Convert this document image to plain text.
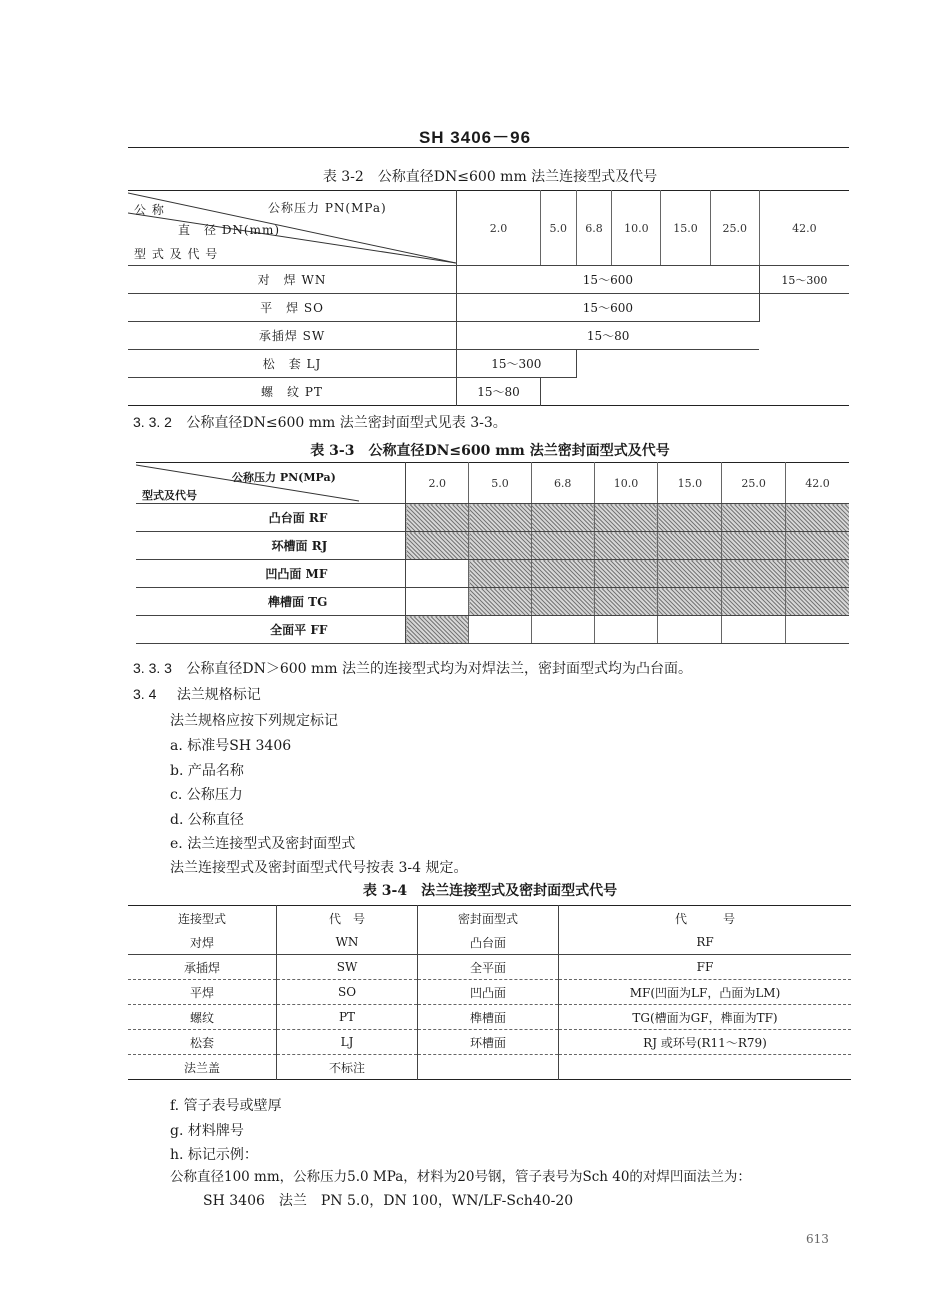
SH 3406－96
表 3-2　公称直径DN≤600 mm 法兰连接型式及代号
公称压力 PN(MPa)
公 称
直　径 DN(mm)
型 式 及 代 号	2.0	5.0	6.8	10.0	15.0	25.0	42.0
对　焊 WN	15～600						15～300
平　焊 SO	15～600						
承插焊 SW	15～80						
松　套 LJ	15～300						
螺　纹 PT	15～80						
3. 3. 2 公称直径DN≤600 mm 法兰密封面型式见表 3-3。
表 3-3　公称直径DN≤600 mm 法兰密封面型式及代号
公称压力 PN(MPa)
型式及代号	2.0	5.0	6.8	10.0	15.0	25.0	42.0
凸台面 RF							
环槽面 RJ							
凹凸面 MF							
榫槽面 TG							
全面平 FF							
3. 3. 3 公称直径DN＞600 mm 法兰的连接型式均为对焊法兰，密封面型式均为凸台面。
3. 4 法兰规格标记
法兰规格应按下列规定标记
a. 标准号SH 3406
b. 产品名称
c. 公称压力
d. 公称直径
e. 法兰连接型式及密封面型式
法兰连接型式及密封面型式代号按表 3-4 规定。
表 3-4　法兰连接型式及密封面型式代号
连接型式	代　号	密封面型式	代　　　号
对焊	WN	凸台面	RF
承插焊	SW	全平面	FF
平焊	SO	凹凸面	MF(凹面为LF，凸面为LM)
螺纹	PT	榫槽面	TG(槽面为GF，榫面为TF)
松套	LJ	环槽面	RJ 或环号(R11～R79)
法兰盖	不标注		
f. 管子表号或壁厚
g. 材料牌号
h. 标记示例：
公称直径100 mm，公称压力5.0 MPa，材料为20号钢，管子表号为Sch 40的对焊凹面法兰为：
SH 3406　法兰　PN 5.0，DN 100，WN/LF-Sch40-20
613
